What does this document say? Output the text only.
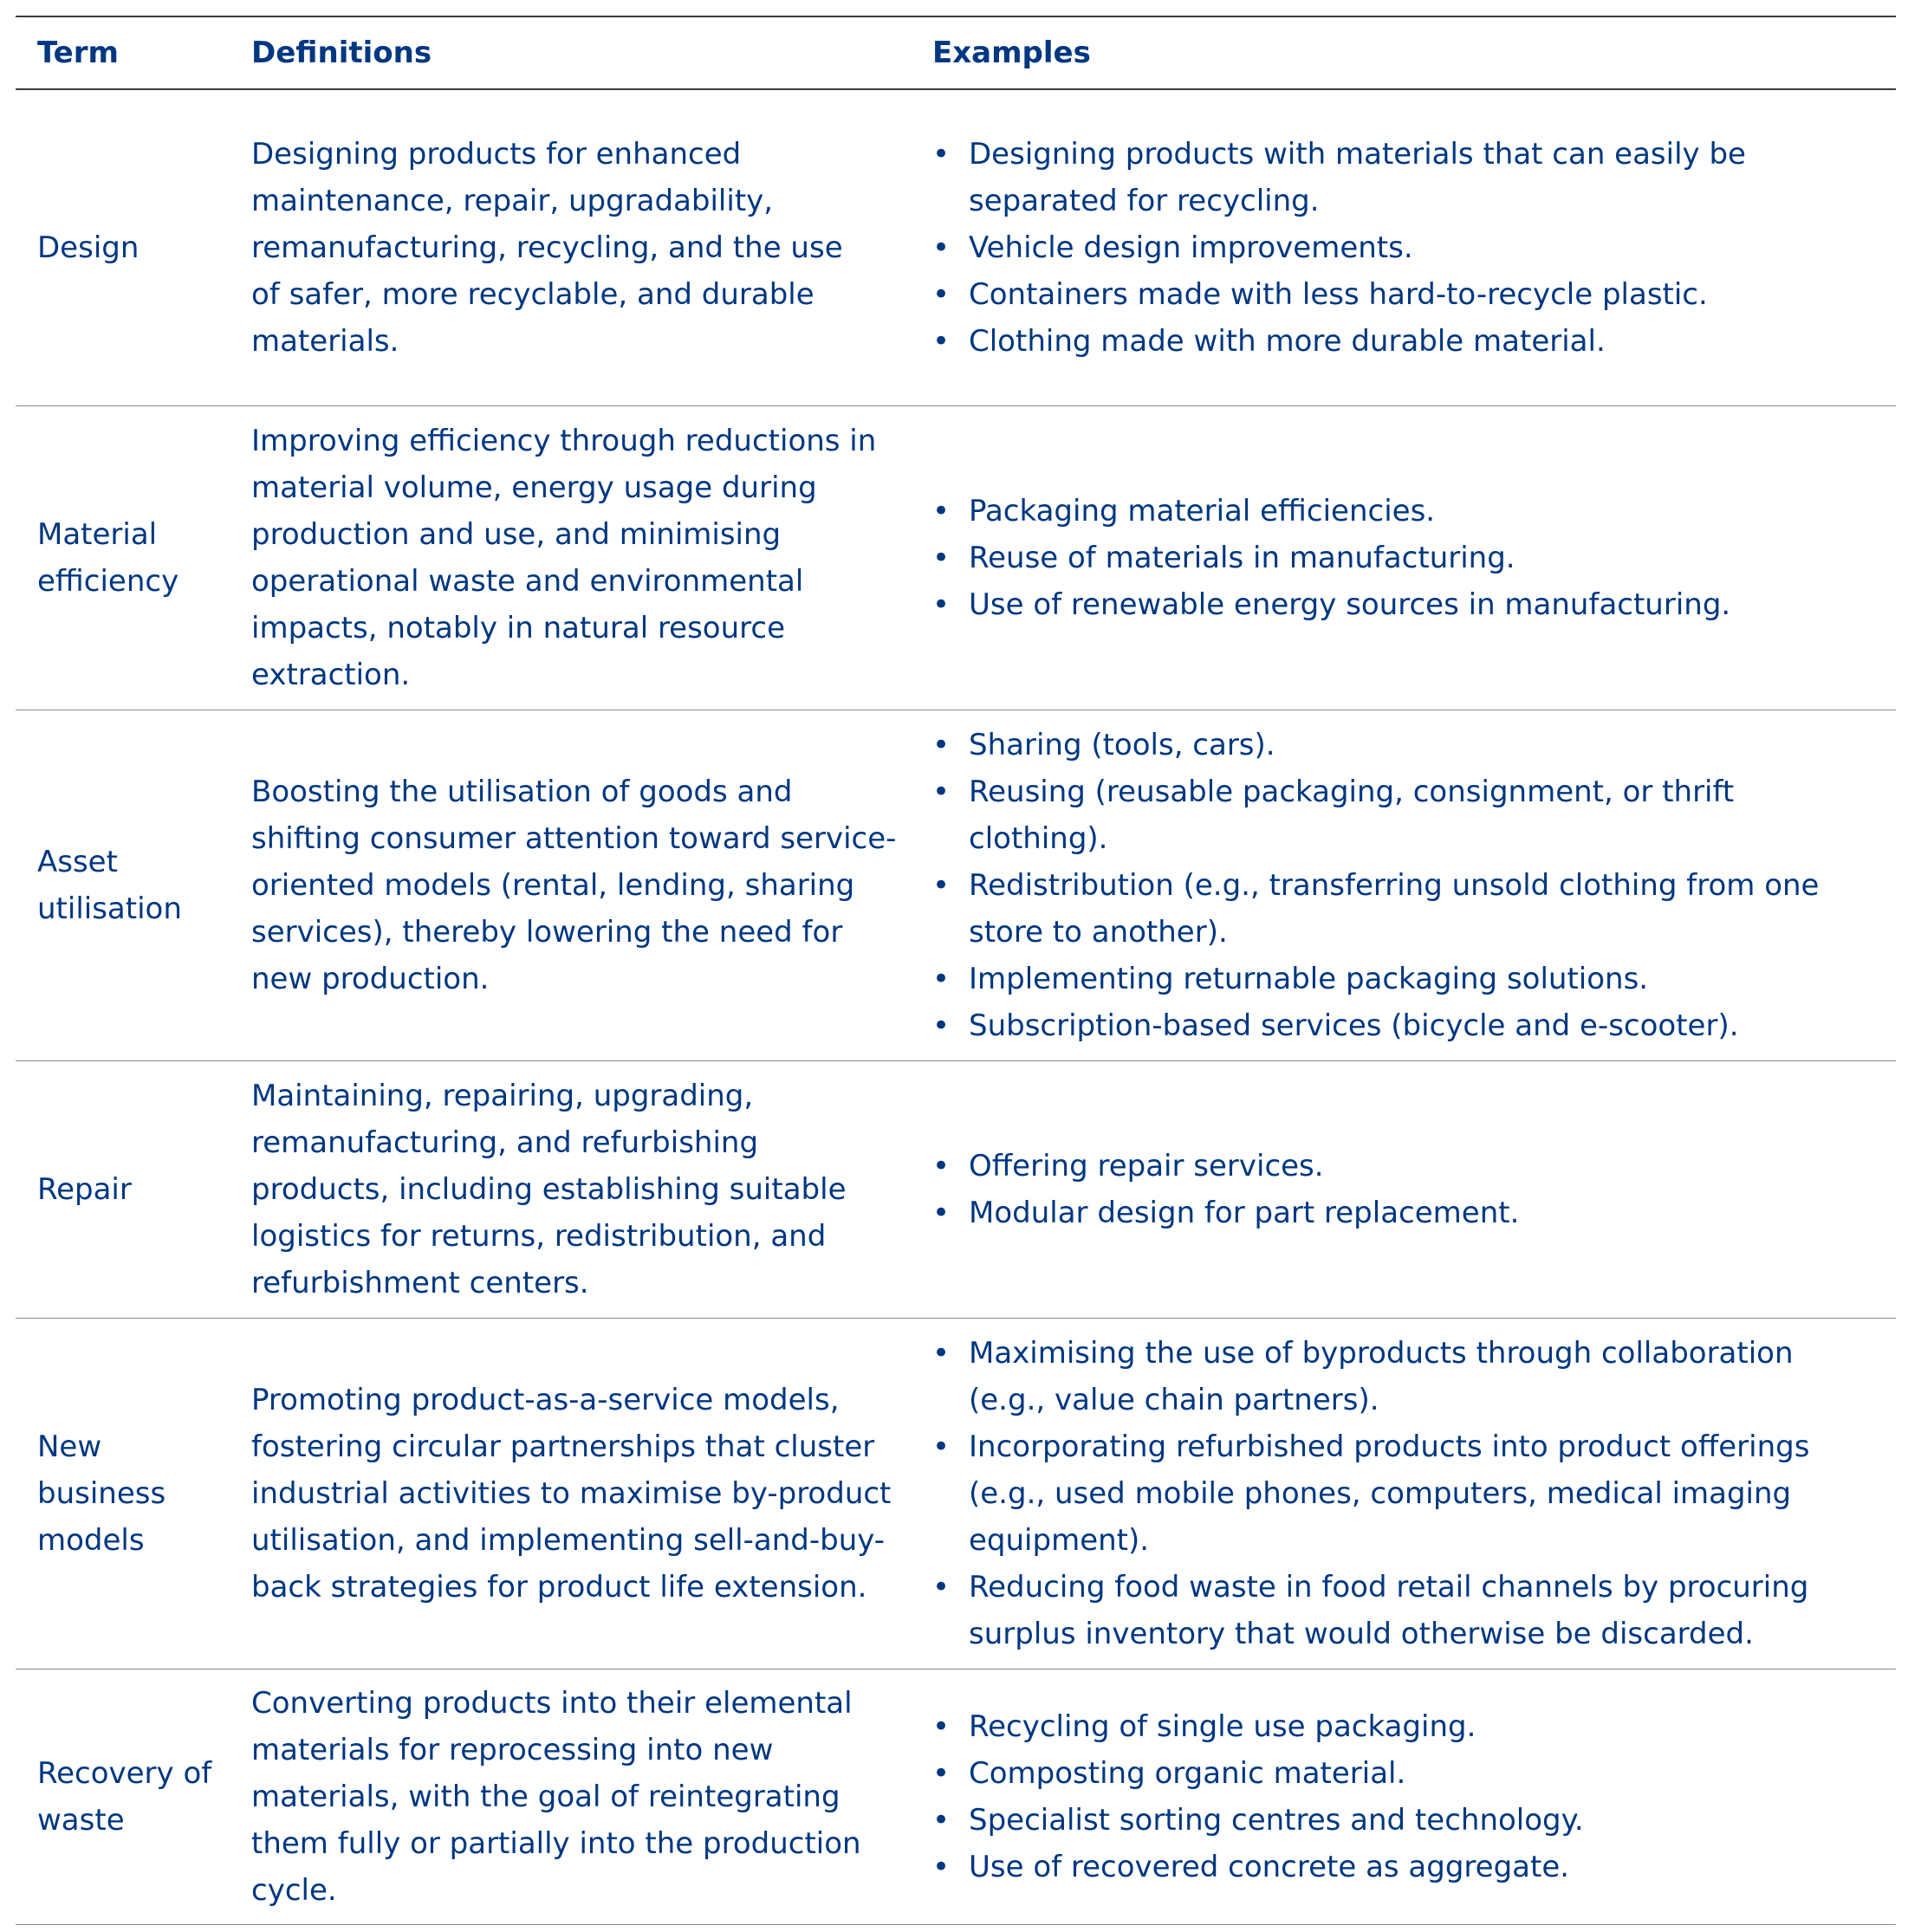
Term	Definitions	Examples
Design
Designing products for enhanced maintenance, repair, upgradability, remanufacturing, recycling, and the use of safer, more recyclable, and durable materials.
• Designing products with materials that can easily be separated for recycling.
• Vehicle design improvements.
• Containers made with less hard-to-recycle plastic.
• Clothing made with more durable material.
Material efficiency
Improving efficiency through reductions in material volume, energy usage during production and use, and minimising operational waste and environmental impacts, notably in natural resource extraction.
• Packaging material efficiencies.
• Reuse of materials in manufacturing.
• Use of renewable energy sources in manufacturing.
Asset utilisation
Boosting the utilisation of goods and shifting consumer attention toward service-oriented models (rental, lending, sharing services), thereby lowering the need for new production.
• Sharing (tools, cars).
• Reusing (reusable packaging, consignment, or thrift clothing).
• Redistribution (e.g., transferring unsold clothing from one store to another).
• Implementing returnable packaging solutions.
• Subscription-based services (bicycle and e-scooter).
Repair
Maintaining, repairing, upgrading, remanufacturing, and refurbishing products, including establishing suitable logistics for returns, redistribution, and refurbishment centers.
• Offering repair services.
• Modular design for part replacement.
New business models
Promoting product-as-a-service models, fostering circular partnerships that cluster industrial activities to maximise by-product utilisation, and implementing sell-and-buy-back strategies for product life extension.
• Maximising the use of byproducts through collaboration (e.g., value chain partners).
• Incorporating refurbished products into product offerings (e.g., used mobile phones, computers, medical imaging equipment).
• Reducing food waste in food retail channels by procuring surplus inventory that would otherwise be discarded.
Recovery of waste
Converting products into their elemental materials for reprocessing into new materials, with the goal of reintegrating them fully or partially into the production cycle.
• Recycling of single use packaging.
• Composting organic material.
• Specialist sorting centres and technology.
• Use of recovered concrete as aggregate.
